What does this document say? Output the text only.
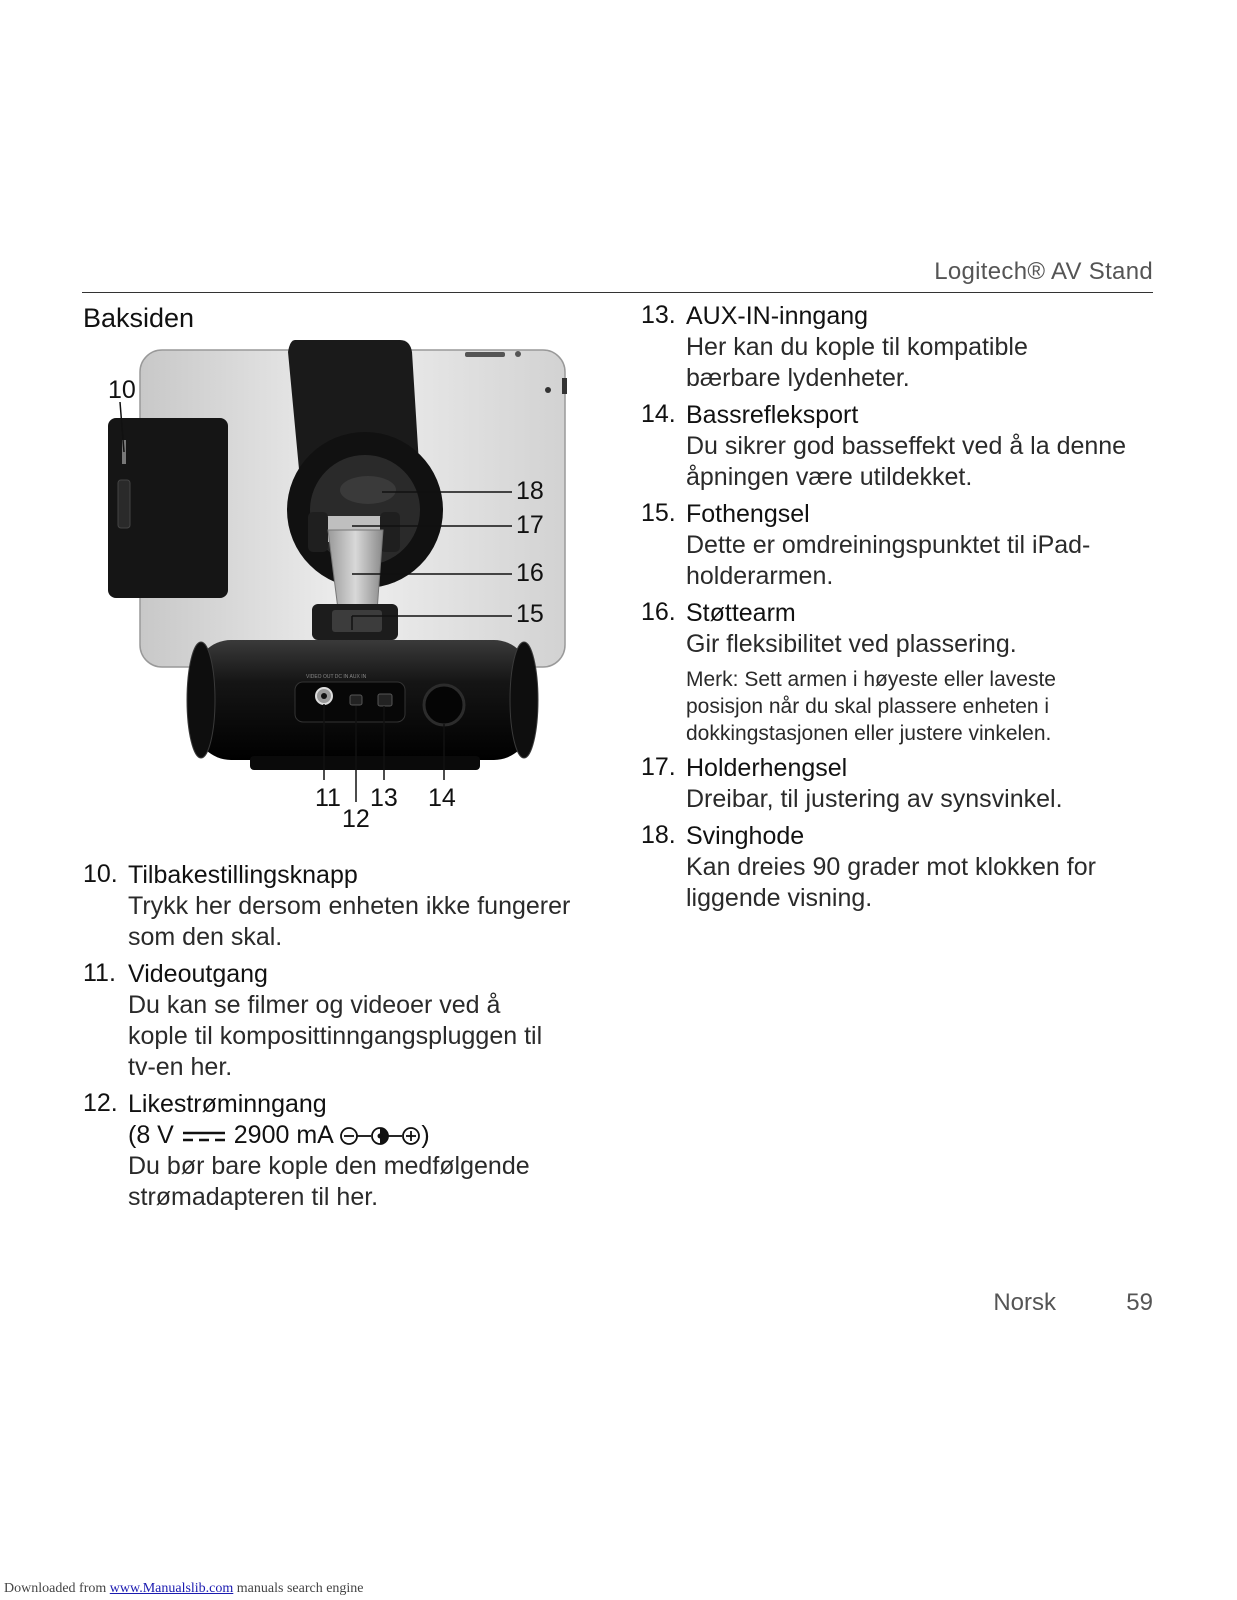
Logitech® AV Stand
Baksiden
VIDEO OUT DC IN AUX IN
10
18
17
16
15
11
12
13 14
10. Tilbakestillingsknapp
Trykk her dersom enheten ikke fungerer som den skal.
11. Videoutgang
Du kan se filmer og videoer ved å kople til komposittinngangspluggen til tv-en her.
12. Likestrøminngang
(8 V 2900 mA	)
Du bør bare kople den medfølgende strømadapteren til her.
13. AUX-IN-inngang
Her kan du kople til kompatible bærbare lydenheter.
14. Bassrefleksport
Du sikrer god basseffekt ved å la denne åpningen være utildekket.
15. Fothengsel
Dette er omdreiningspunktet til iPad-holderarmen.
16. Støttearm
Gir fleksibilitet ved plassering.
Merk: Sett armen i høyeste eller laveste posisjon når du skal plassere enheten i dokkingstasjonen eller justere vinkelen.
17. Holderhengsel
Dreibar, til justering av synsvinkel.
18. Svinghode
Kan dreies 90 grader mot klokken for liggende visning.
Norsk	59
Downloaded from www.Manualslib.com manuals search engine
